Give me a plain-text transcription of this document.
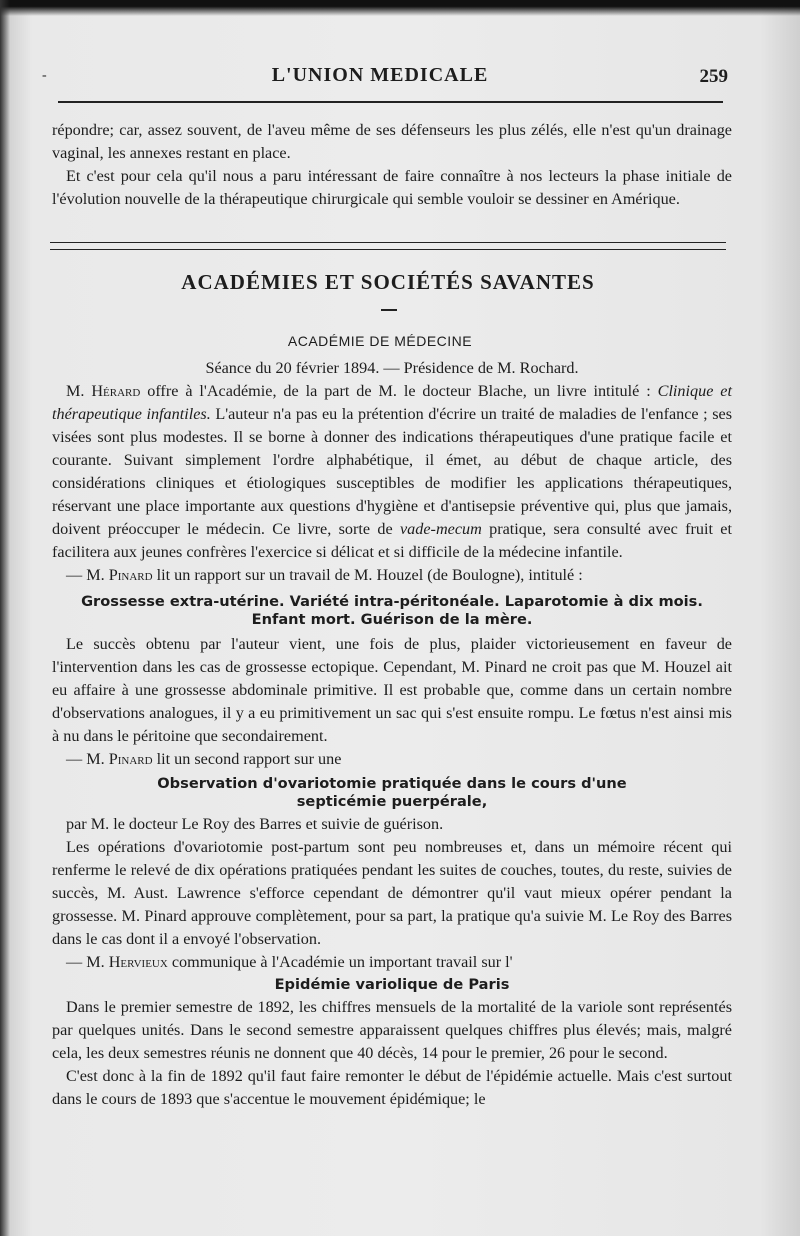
-	L'UNION MEDICALE	259

répondre; car, assez souvent, de l'aveu même de ses défenseurs les plus zélés, elle n'est qu'un drainage vaginal, les annexes restant en place.

Et c'est pour cela qu'il nous a paru intéressant de faire connaître à nos lecteurs la phase initiale de l'évolution nouvelle de la thérapeutique chirurgicale qui semble vouloir se dessiner en Amérique.

ACADÉMIES ET SOCIÉTÉS SAVANTES
ACADÉMIE DE MÉDECINE

Séance du 20 février 1894. — Présidence de M. Rochard.

M. Hérard offre à l'Académie, de la part de M. le docteur Blache, un livre intitulé : Clinique et thérapeutique infantiles. L'auteur n'a pas eu la prétention d'écrire un traité de maladies de l'enfance ; ses visées sont plus modestes. Il se borne à donner des indications thérapeutiques d'une pratique facile et courante. Suivant simplement l'ordre alphabétique, il émet, au début de chaque article, des considérations cliniques et étiologiques susceptibles de modifier les applications thérapeutiques, réservant une place importante aux questions d'hygiène et d'antisepsie préventive qui, plus que jamais, doivent préoccuper le médecin. Ce livre, sorte de vade-mecum pratique, sera consulté avec fruit et facilitera aux jeunes confrères l'exercice si délicat et si difficile de la médecine infantile.

— M. Pinard lit un rapport sur un travail de M. Houzel (de Boulogne), intitulé :

Grossesse extra-utérine. Variété intra-péritonéale. Laparotomie à dix mois. Enfant mort. Guérison de la mère.

Le succès obtenu par l'auteur vient, une fois de plus, plaider victorieusement en faveur de l'intervention dans les cas de grossesse ectopique. Cependant, M. Pinard ne croit pas que M. Houzel ait eu affaire à une grossesse abdominale primitive. Il est probable que, comme dans un certain nombre d'observations analogues, il y a eu primitivement un sac qui s'est ensuite rompu. Le fœtus n'est ainsi mis à nu dans le péritoine que secondairement.

— M. Pinard lit un second rapport sur une

Observation d'ovariotomie pratiquée dans le cours d'une septicémie puerpérale,

par M. le docteur Le Roy des Barres et suivie de guérison.

Les opérations d'ovariotomie post-partum sont peu nombreuses et, dans un mémoire récent qui renferme le relevé de dix opérations pratiquées pendant les suites de couches, toutes, du reste, suivies de succès, M. Aust. Lawrence s'efforce cependant de démontrer qu'il vaut mieux opérer pendant la grossesse. M. Pinard approuve complètement, pour sa part, la pratique qu'a suivie M. Le Roy des Barres dans le cas dont il a envoyé l'observation.

— M. Hervieux communique à l'Académie un important travail sur l'

Epidémie variolique de Paris

Dans le premier semestre de 1892, les chiffres mensuels de la mortalité de la variole sont représentés par quelques unités. Dans le second semestre apparaissent quelques chiffres plus élevés; mais, malgré cela, les deux semestres réunis ne donnent que 40 décès, 14 pour le premier, 26 pour le second.

C'est donc à la fin de 1892 qu'il faut faire remonter le début de l'épidémie actuelle. Mais c'est surtout dans le cours de 1893 que s'accentue le mouvement épidémique; le
